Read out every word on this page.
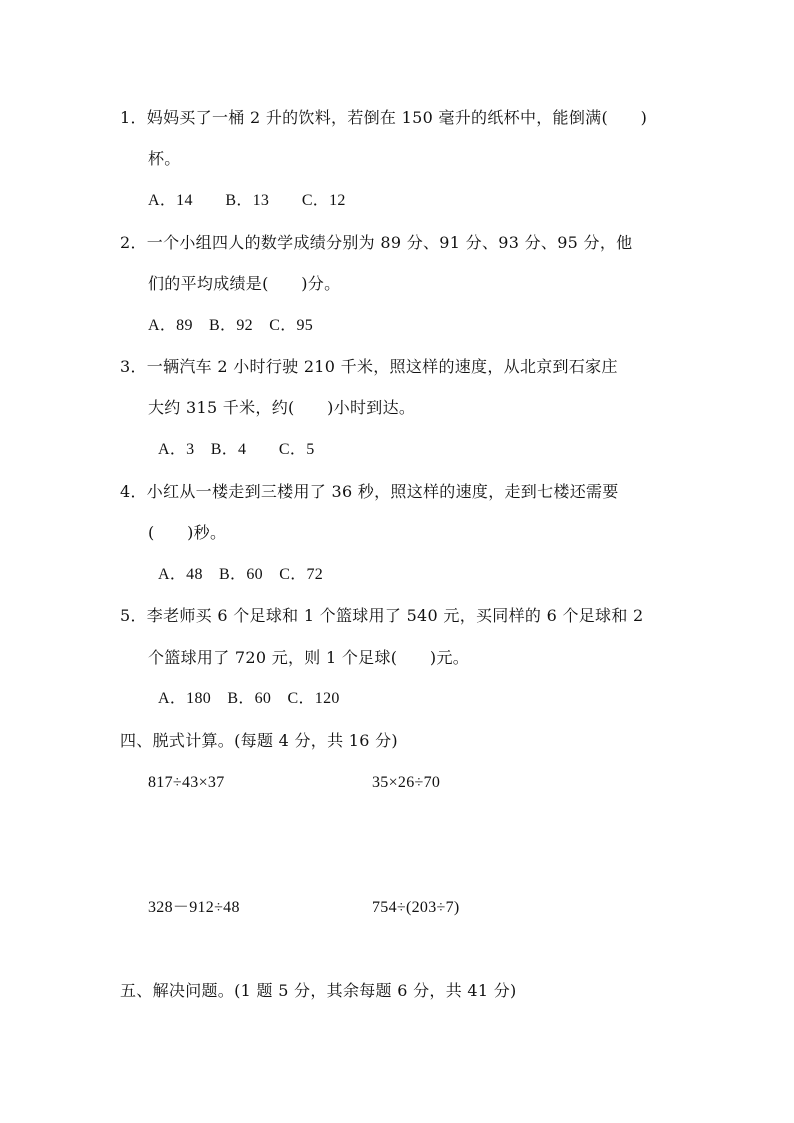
1．妈妈买了一桶 2 升的饮料，若倒在 150 毫升的纸杯中，能倒满(　　)
杯。
A．14　　B．13　　C．12
2．一个小组四人的数学成绩分别为 89 分、91 分、93 分、95 分，他
们的平均成绩是(　　)分。
A．89　B．92　C．95
3．一辆汽车 2 小时行驶 210 千米，照这样的速度，从北京到石家庄
大约 315 千米，约(　　)小时到达。
A．3　B．4　　C．5
4．小红从一楼走到三楼用了 36 秒，照这样的速度，走到七楼还需要
(　　)秒。
A．48　B．60　C．72
5．李老师买 6 个足球和 1 个篮球用了 540 元，买同样的 6 个足球和 2
个篮球用了 720 元，则 1 个足球(　　)元。
A．180　B．60　C．120
四、脱式计算。(每题 4 分，共 16 分)
817÷43×37	35×26÷70
328－912÷48	754÷(203÷7)
五、解决问题。(1 题 5 分，其余每题 6 分，共 41 分)
